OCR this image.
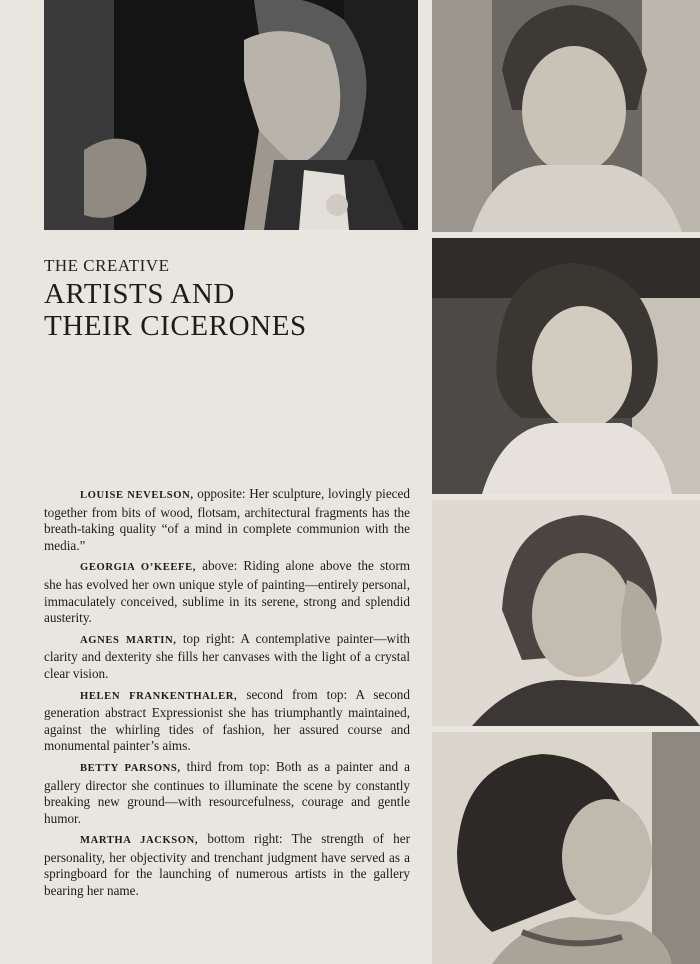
THE CREATIVE

ARTISTS AND
THEIR CICERONES

LOUISE NEVELSON, opposite: Her sculpture, lovingly pieced together from bits of wood, flotsam, architectural fragments has the breath-taking quality “of a mind in complete communion with the media.”

GEORGIA O’KEEFE, above: Riding alone above the storm she has evolved her own unique style of painting—entirely personal, immaculately conceived, sublime in its serene, strong and splendid austerity.

AGNES MARTIN, top right: A contemplative painter—with clarity and dexterity she fills her canvases with the light of a crystal clear vision.

HELEN FRANKENTHALER, second from top: A second generation abstract Expressionist she has triumphantly maintained, against the whirling tides of fashion, her assured course and monumental painter’s aims.

BETTY PARSONS, third from top: Both as a painter and a gallery director she continues to illuminate the scene by constantly breaking new ground—with resourcefulness, courage and gentle humor.

MARTHA JACKSON, bottom right: The strength of her personality, her objectivity and trenchant judgment have served as a springboard for the launching of numerous artists in the gallery bearing her name.
